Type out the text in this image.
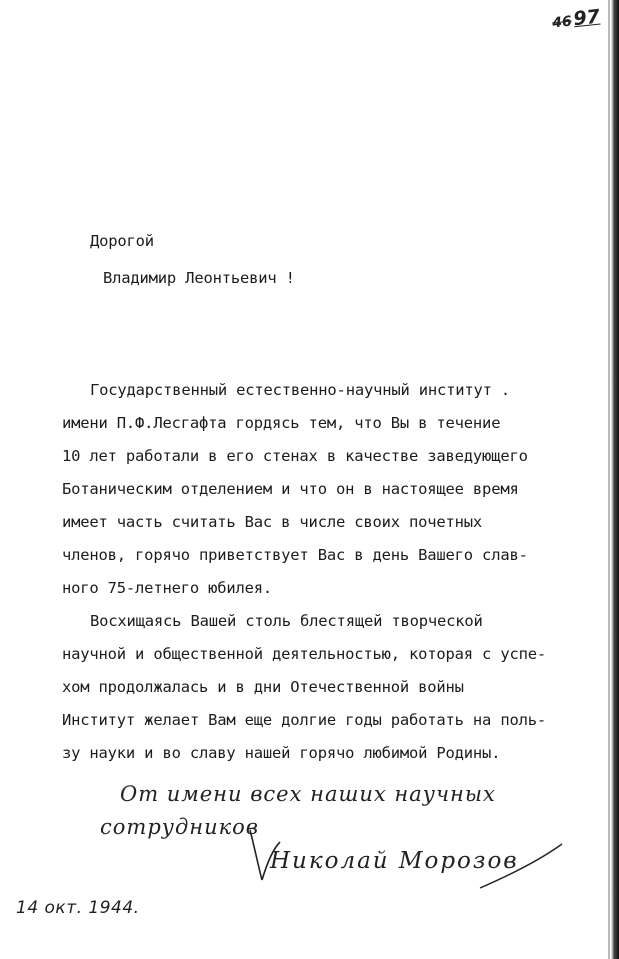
4697
Дорогой
Владимир Леонтьевич !
Государственный естественно-научный институт .
имени П.Ф.Лесгафта гордясь тем, что Вы в течение
10 лет работали в его стенах в качестве заведующего
Ботаническим отделением и что он в настоящее время
имеет часть считать Вас в числе своих почетных
членов, горячо приветствует Вас в день Вашего слав-
ного 75-летнего юбилея.
Восхищаясь Вашей столь блестящей творческой
научной и общественной деятельностью, которая с успе-
хом продолжалась и в дни Отечественной войны
Институт желает Вам еще долгие годы работать на поль-
зу науки и во славу нашей горячо любимой Родины.
От имени всех наших научных
сотрудников
Николай Морозов
14 окт. 1944.
